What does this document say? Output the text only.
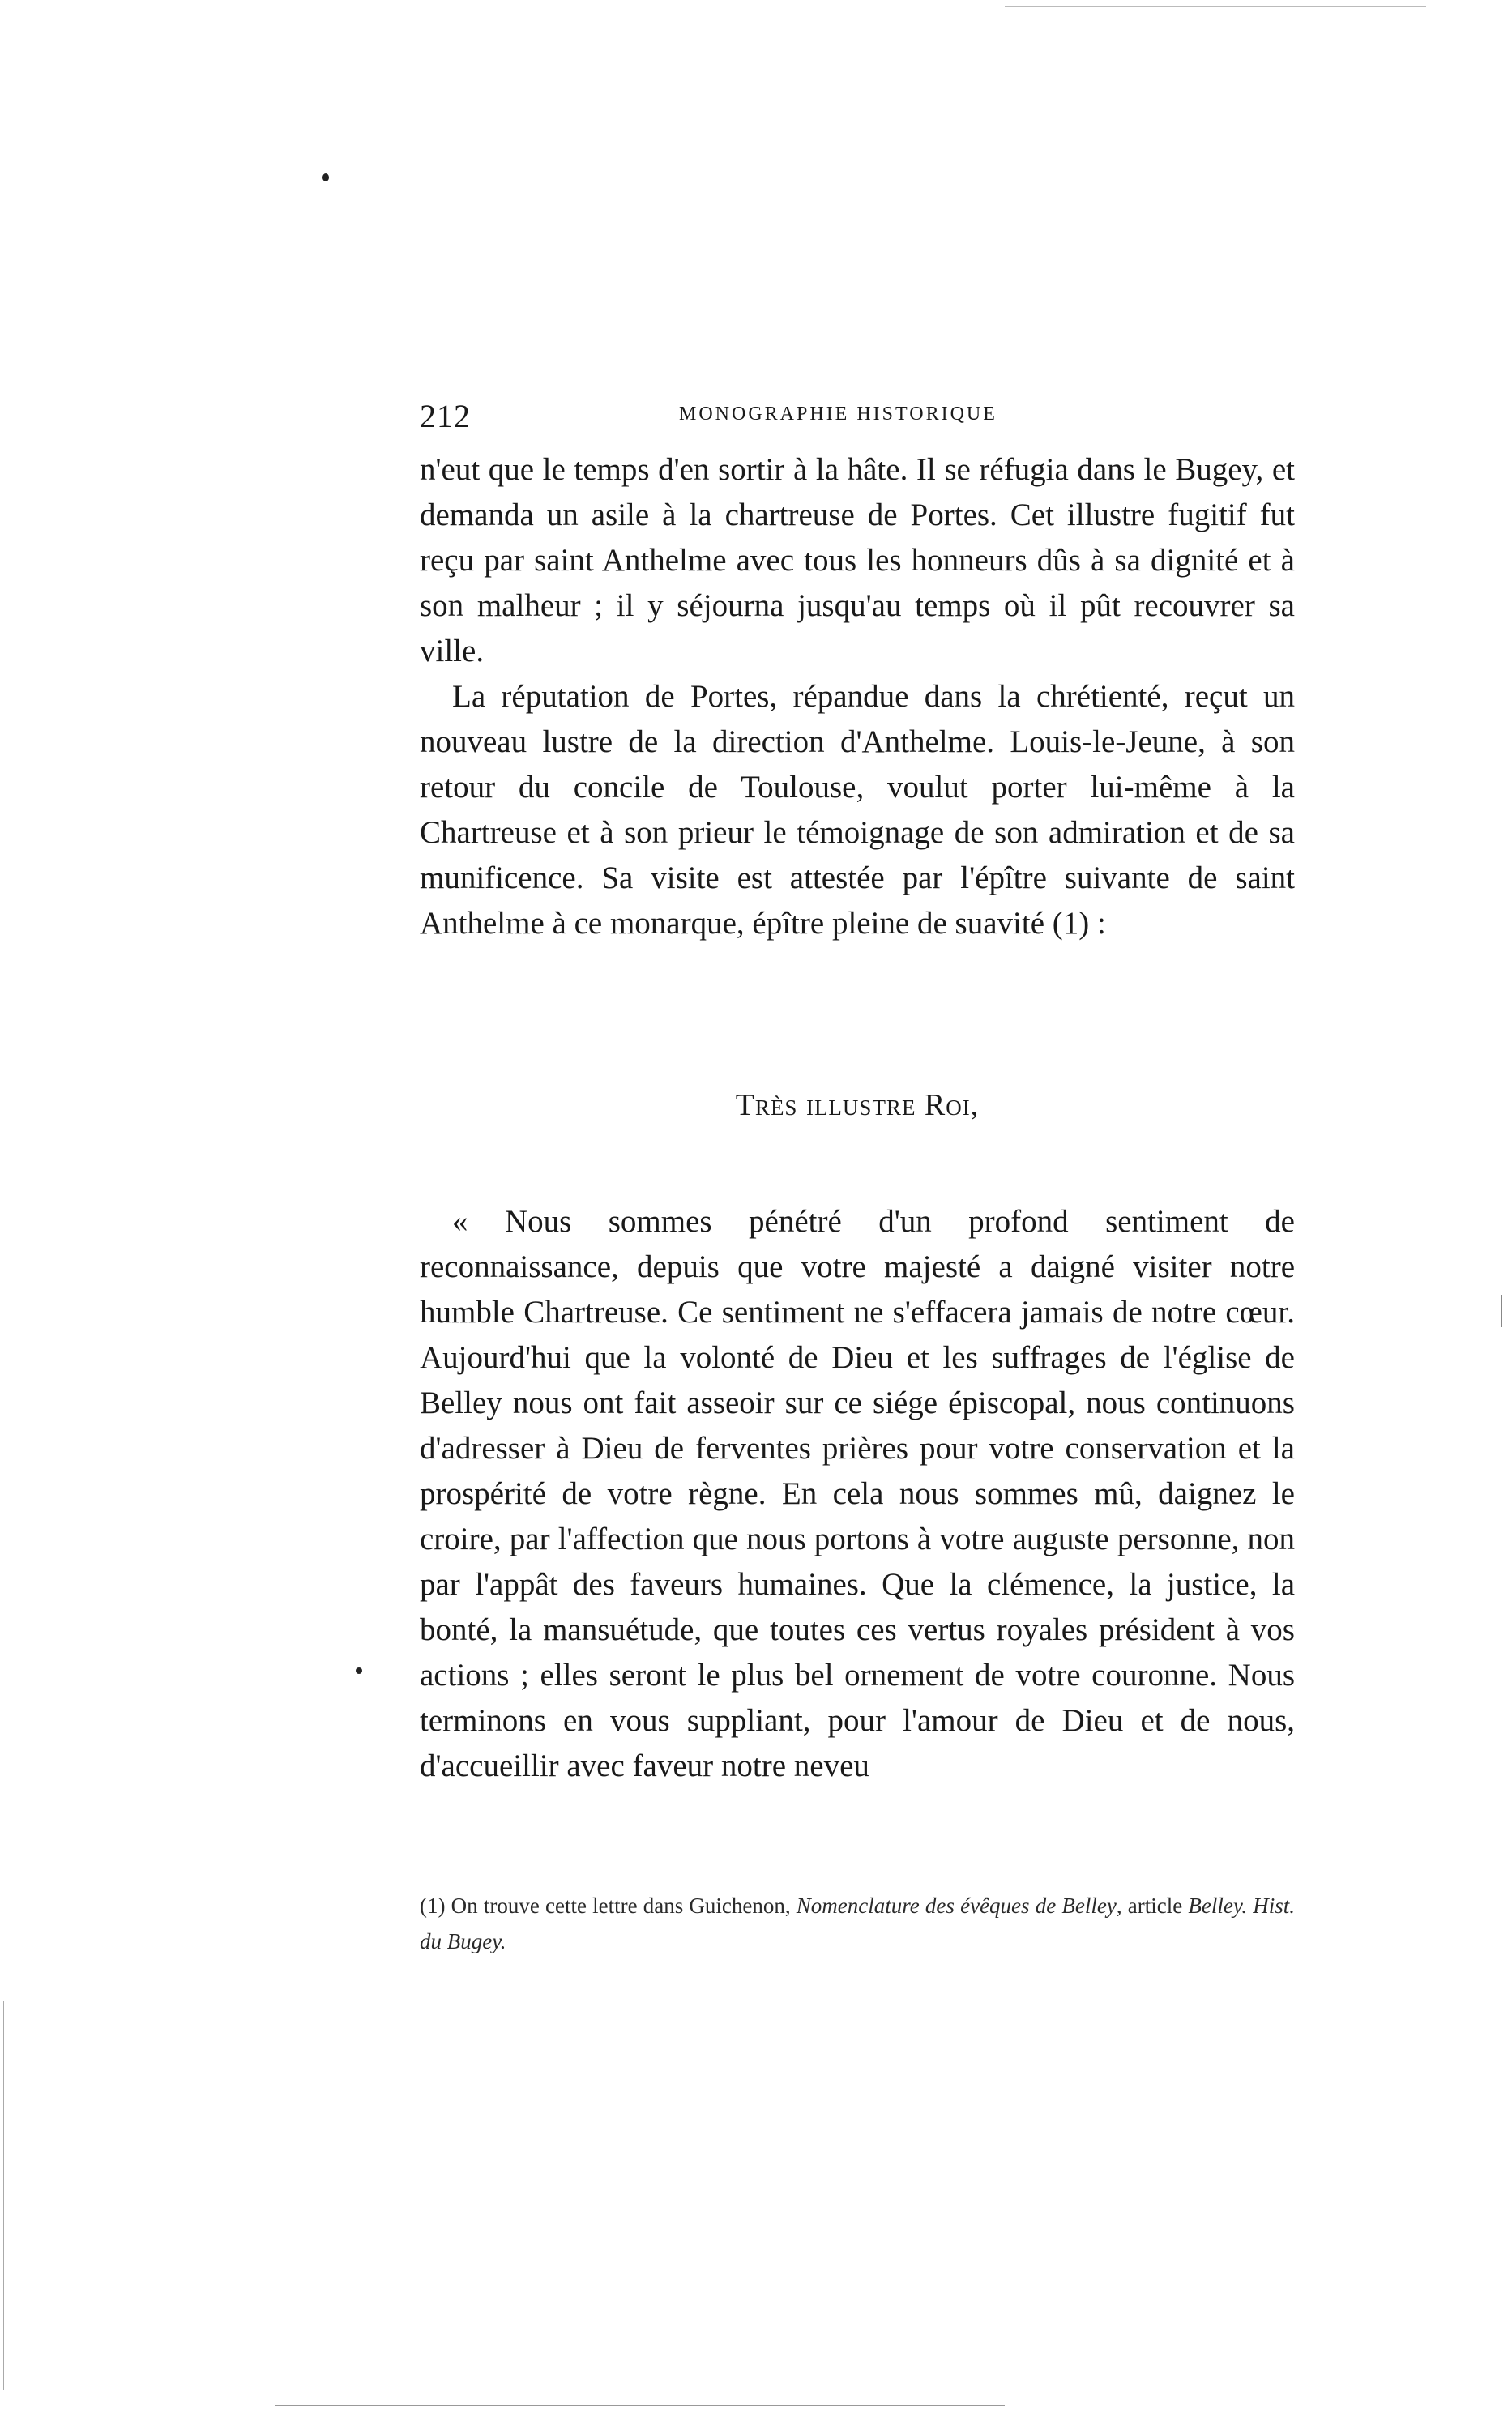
212	MONOGRAPHIE HISTORIQUE

n'eut que le temps d'en sortir à la hâte. Il se réfugia dans le Bugey, et demanda un asile à la chartreuse de Portes. Cet illustre fugitif fut reçu par saint Anthelme avec tous les honneurs dûs à sa dignité et à son malheur ; il y séjourna jusqu'au temps où il pût recouvrer sa ville.

La réputation de Portes, répandue dans la chrétienté, reçut un nouveau lustre de la direction d'Anthelme. Louis-le-Jeune, à son retour du concile de Toulouse, voulut porter lui-même à la Chartreuse et à son prieur le témoignage de son admiration et de sa munificence. Sa visite est attestée par l'épître suivante de saint Anthelme à ce monarque, épître pleine de suavité (1) :

Très illustre Roi,

« Nous sommes pénétré d'un profond sentiment de reconnaissance, depuis que votre majesté a daigné visiter notre humble Chartreuse. Ce sentiment ne s'effacera jamais de notre cœur. Aujourd'hui que la volonté de Dieu et les suffrages de l'église de Belley nous ont fait asseoir sur ce siége épiscopal, nous continuons d'adresser à Dieu de ferventes prières pour votre conservation et la prospérité de votre règne. En cela nous sommes mû, daignez le croire, par l'affection que nous portons à votre auguste personne, non par l'appât des faveurs humaines. Que la clémence, la justice, la bonté, la mansuétude, que toutes ces vertus royales président à vos actions ; elles seront le plus bel ornement de votre couronne. Nous terminons en vous suppliant, pour l'amour de Dieu et de nous, d'accueillir avec faveur notre neveu

(1) On trouve cette lettre dans Guichenon, Nomenclature des évêques de Belley, article Belley. Hist. du Bugey.
